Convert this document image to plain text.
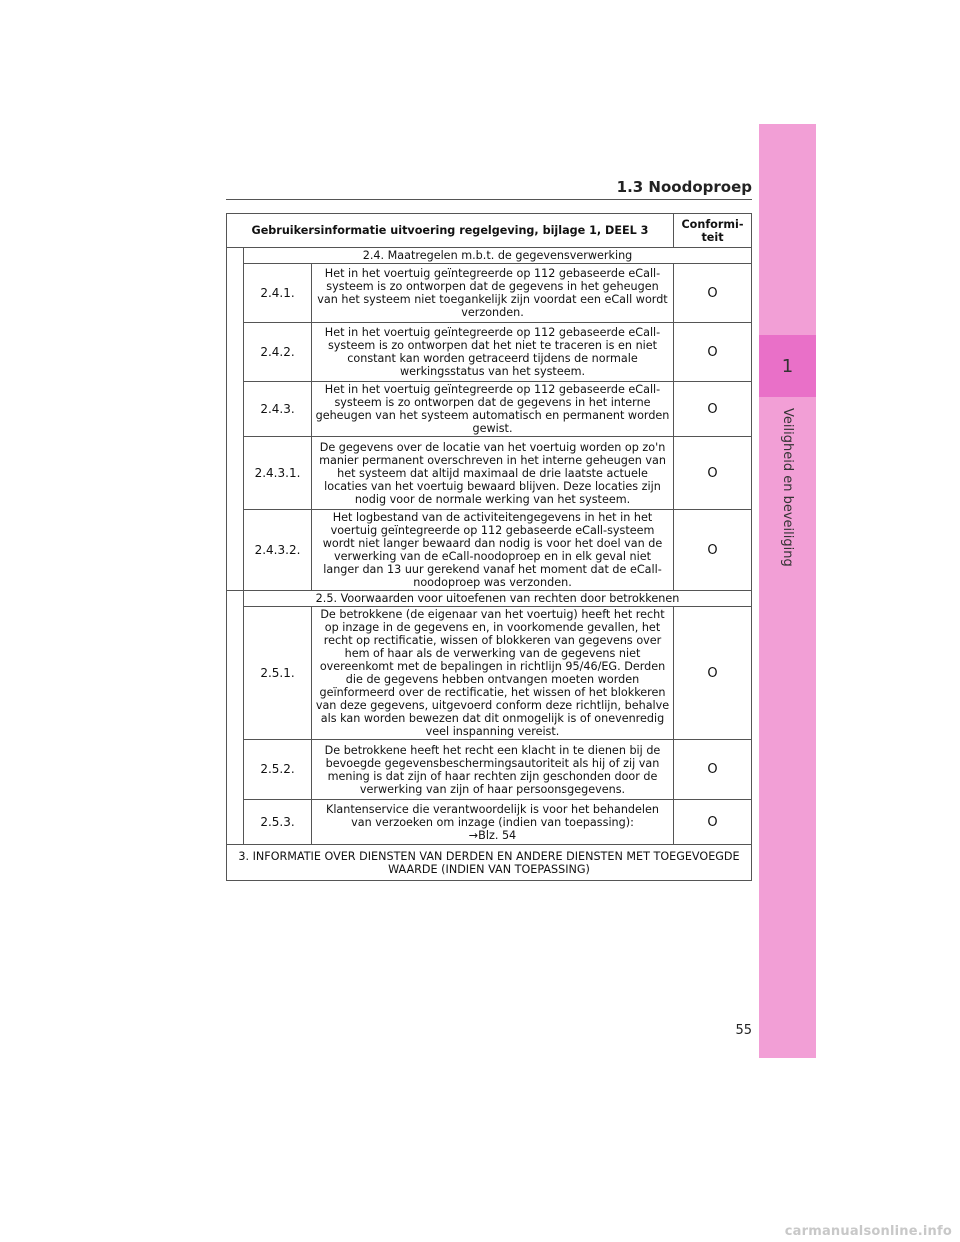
1
Veiligheid en beveiliging
1.3 Noodoproep
Gebruikersinformatie uitvoering regelgeving, bijlage 1, DEEL 3			Conformi-teit
	2.4. Maatregelen m.b.t. de gegevensverwerking		
	2.4.1.	Het in het voertuig geïntegreerde op 112 gebaseerde eCall-systeem is zo ontworpen dat de gegevens in het geheugen van het systeem niet toegankelijk zijn voordat een eCall wordt verzonden.	O
	2.4.2.	Het in het voertuig geïntegreerde op 112 gebaseerde eCall-systeem is zo ontworpen dat het niet te traceren is en niet constant kan worden getraceerd tijdens de normale werkingsstatus van het systeem.	O
	2.4.3.	Het in het voertuig geïntegreerde op 112 gebaseerde eCall-systeem is zo ontworpen dat de gegevens in het interne geheugen van het systeem automatisch en permanent worden gewist.	O
	2.4.3.1.	De gegevens over de locatie van het voertuig worden op zo'n manier permanent overschreven in het interne geheugen van het systeem dat altijd maximaal de drie laatste actuele locaties van het voertuig bewaard blijven. Deze locaties zijn nodig voor de normale werking van het systeem.	O
	2.4.3.2.	Het logbestand van de activiteitengegevens in het in het voertuig geïntegreerde op 112 gebaseerde eCall-systeem wordt niet langer bewaard dan nodig is voor het doel van de verwerking van de eCall-noodoproep en in elk geval niet langer dan 13 uur gerekend vanaf het moment dat de eCall-noodoproep was verzonden.	O
	2.5. Voorwaarden voor uitoefenen van rechten door betrokkenen		
	2.5.1.	De betrokkene (de eigenaar van het voertuig) heeft het recht op inzage in de gegevens en, in voorkomende gevallen, het recht op rectificatie, wissen of blokkeren van gegevens over hem of haar als de verwerking van de gegevens niet overeenkomt met de bepalingen in richtlijn 95/46/EG. Derden die de gegevens hebben ontvangen moeten worden geïnformeerd over de rectificatie, het wissen of het blokkeren van deze gegevens, uitgevoerd conform deze richtlijn, behalve als kan worden bewezen dat dit onmogelijk is of onevenredig veel inspanning vereist.	O
	2.5.2.	De betrokkene heeft het recht een klacht in te dienen bij de bevoegde gegevensbeschermingsautoriteit als hij of zij van mening is dat zijn of haar rechten zijn geschonden door de verwerking van zijn of haar persoonsgegevens.	O
	2.5.3.	Klantenservice die verantwoordelijk is voor het behandelen van verzoeken om inzage (indien van toepassing):
→Blz. 54	O
3. INFORMATIE OVER DIENSTEN VAN DERDEN EN ANDERE DIENSTEN MET TOEGEVOEGDE WAARDE (INDIEN VAN TOEPASSING)			
55
carmanualsonline.info
